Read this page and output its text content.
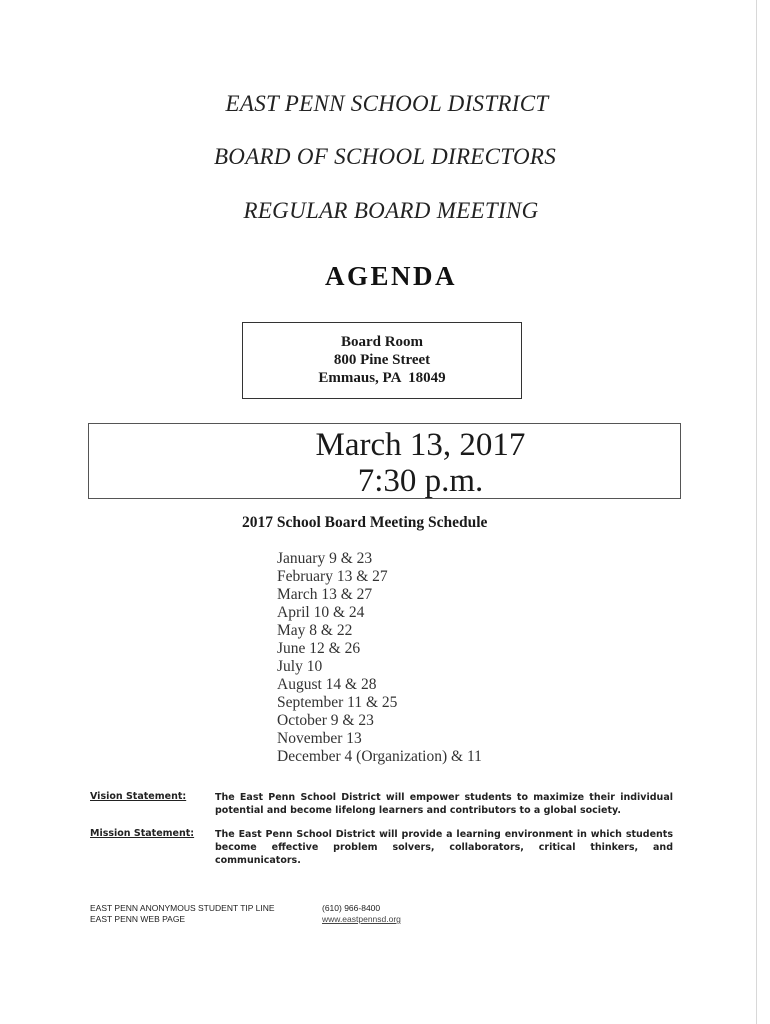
EAST PENN SCHOOL DISTRICT
BOARD OF SCHOOL DIRECTORS
REGULAR BOARD MEETING
AGENDA
Board Room
800 Pine Street
Emmaus, PA  18049
March 13, 2017
7:30 p.m.
2017 School Board Meeting Schedule
January 9 & 23
February 13 & 27
March 13 & 27
April 10 & 24
May 8 & 22
June 12 & 26
July 10
August 14 & 28
September 11 & 25
October 9 & 23
November 13
December 4 (Organization) & 11
Vision Statement:	The East Penn School District will empower students to maximize their individual potential and become lifelong learners and contributors to a global society.
Mission Statement: The East Penn School District will provide a learning environment in which students become effective problem solvers, collaborators, critical thinkers, and communicators.
EAST PENN ANONYMOUS STUDENT TIP LINE
EAST PENN WEB PAGE
(610) 966-8400
www.eastpennsd.org
